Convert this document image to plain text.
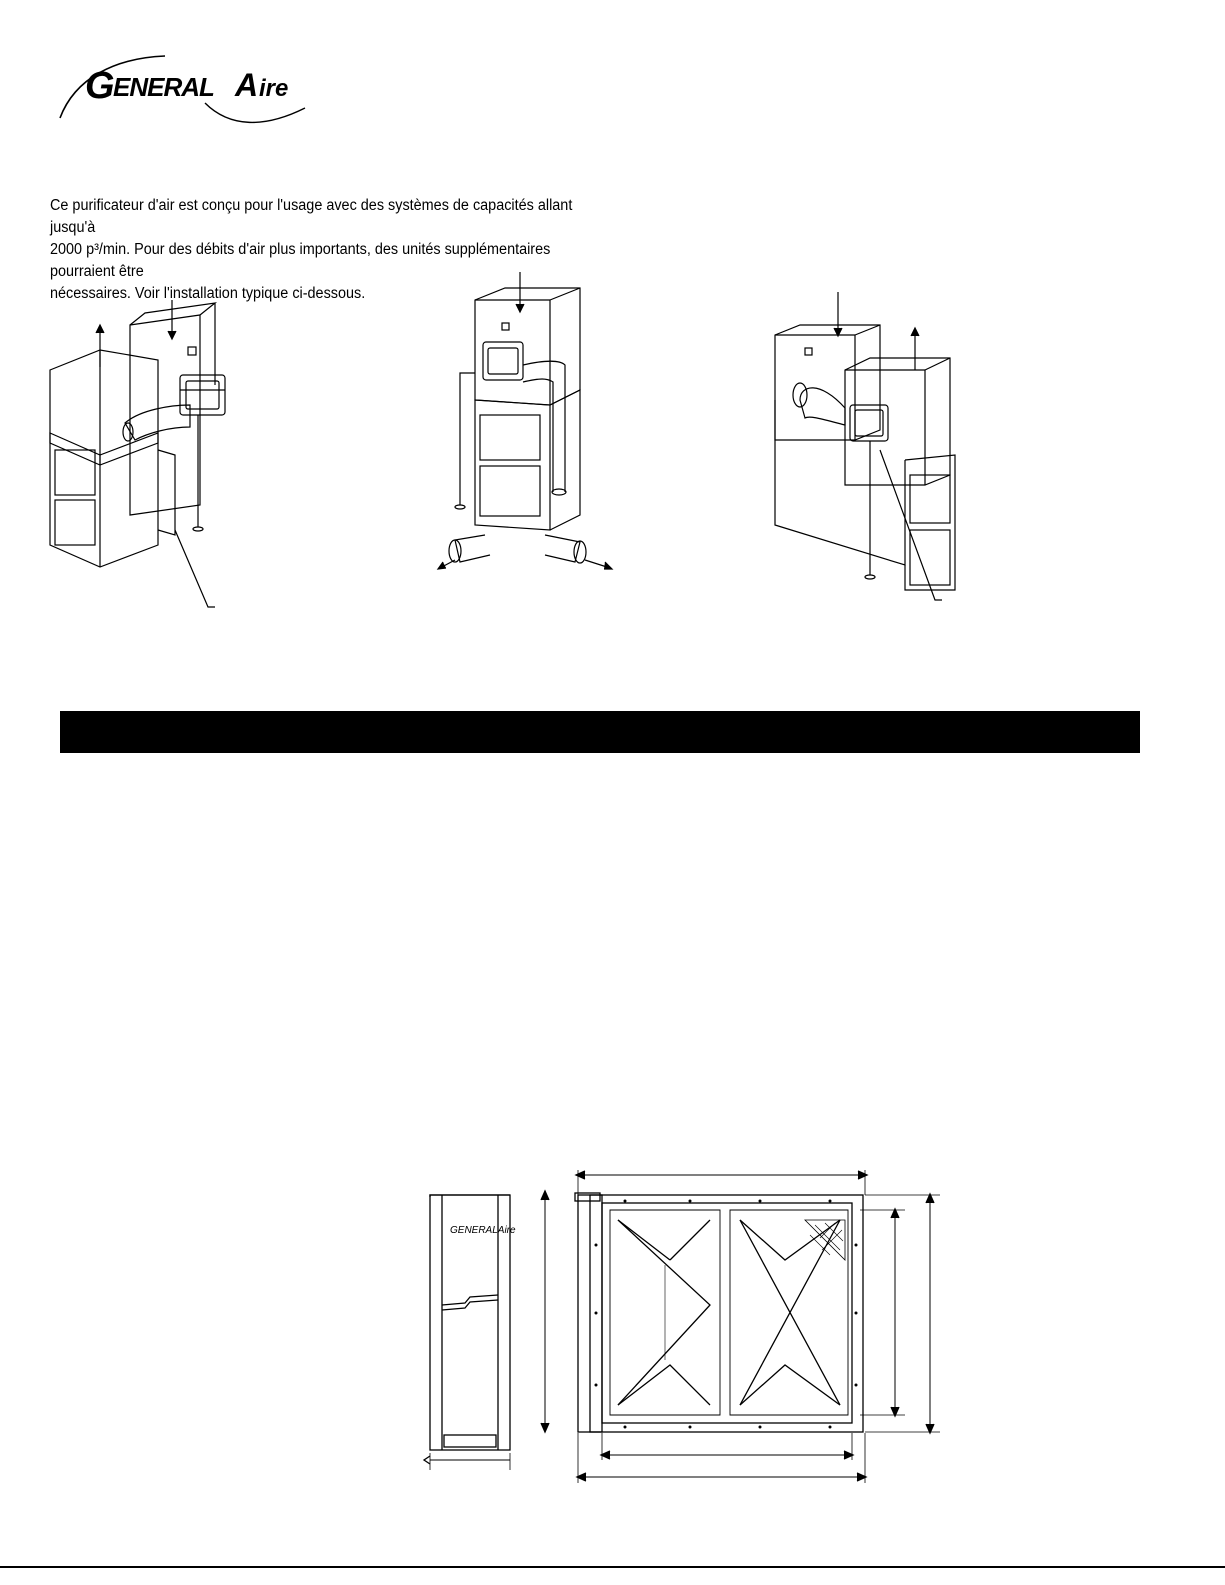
G
ENERAL A ire

Ce purificateur d'air est conçu pour l'usage avec des systèmes de capacités allant jusqu'à

2000 p³/min. Pour des débits d'air plus importants, des unités supplémentaires pourraient être

nécessaires. Voir l'installation typique ci-dessous.

GENERALAire
